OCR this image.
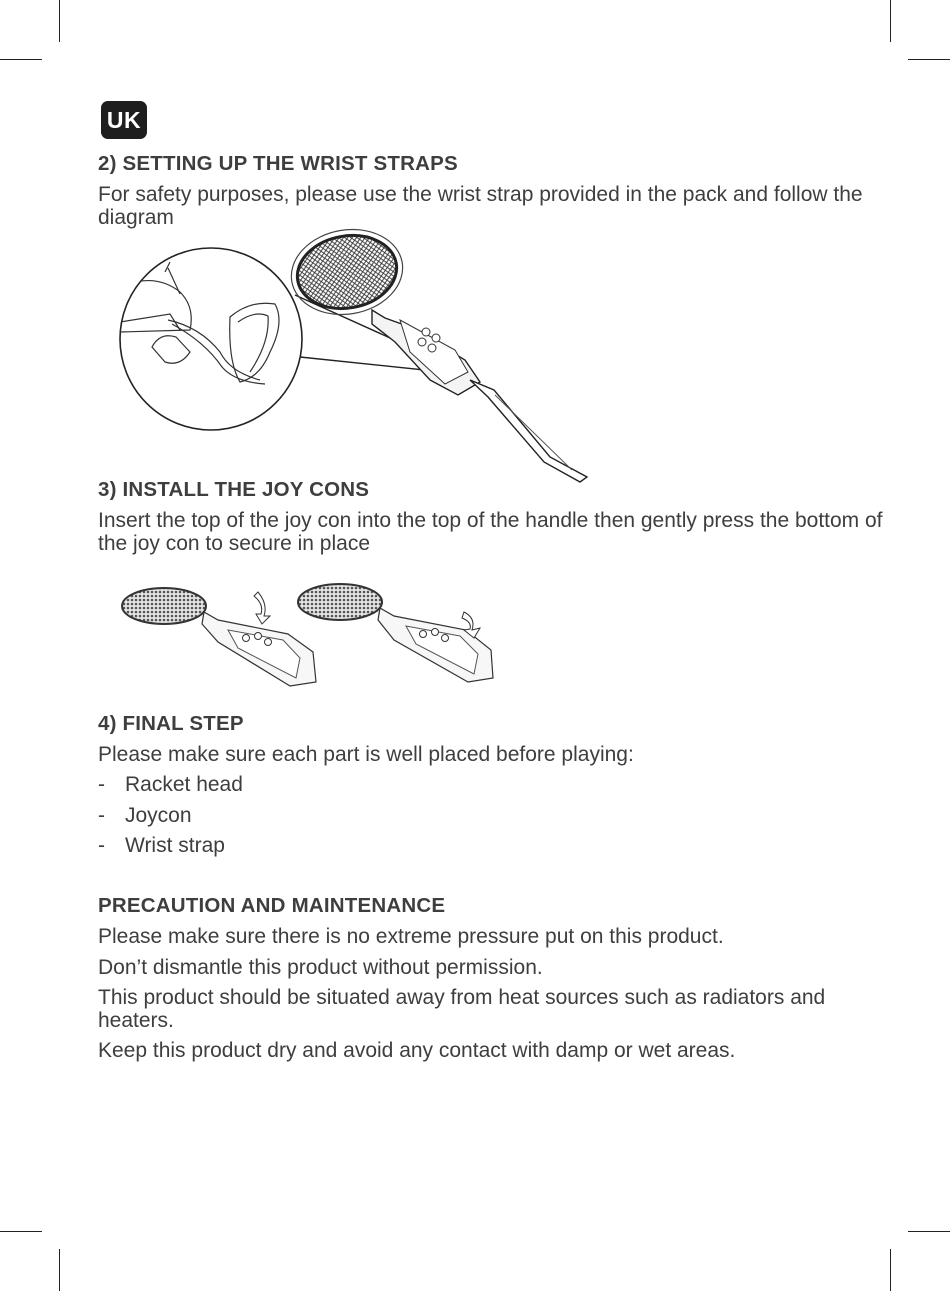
UK
2) SETTING UP THE WRIST STRAPS

For safety purposes, please use the wrist strap provided in the pack and follow the diagram

3) INSTALL THE JOY CONS

Insert the top of the joy con into the top of the handle then gently press the bottom of the joy con to secure in place

4) FINAL STEP

Please make sure each part is well placed before playing:

- Racket head
- Joycon
- Wrist strap
PRECAUTION AND MAINTENANCE

Please make sure there is no extreme pressure put on this product.

Don’t dismantle this product without permission.

This product should be situated away from heat sources such as radiators and heaters.

Keep this product dry and avoid any contact with damp or wet areas.
